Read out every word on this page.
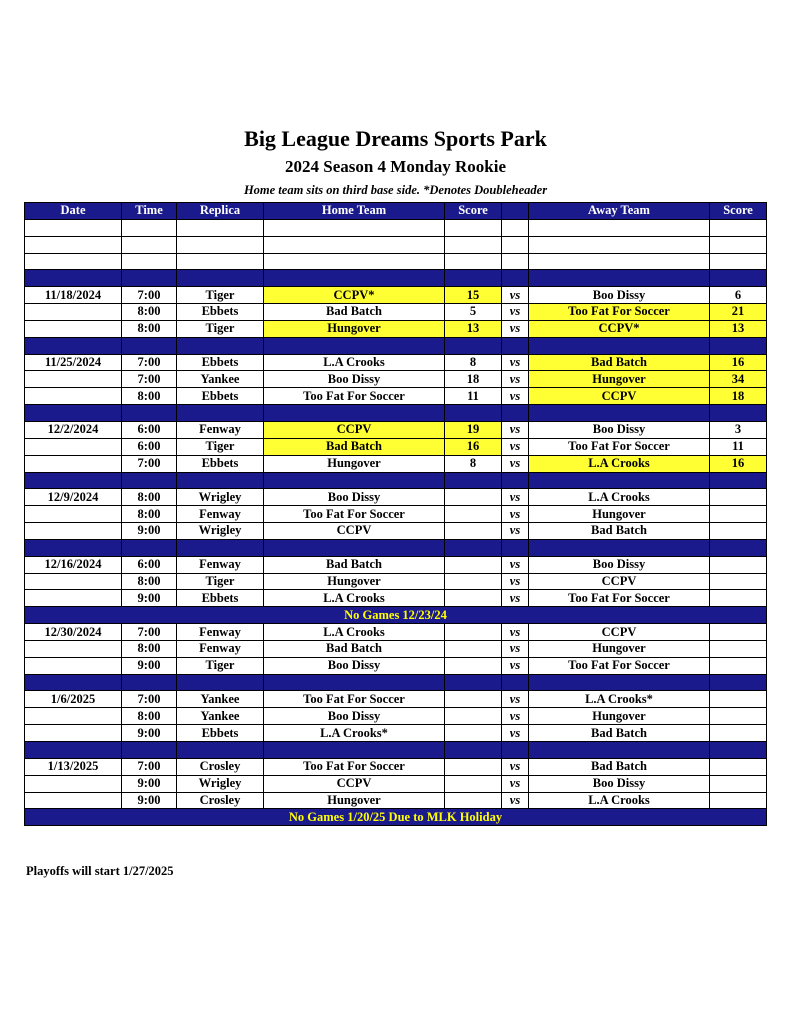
Big League Dreams Sports Park
2024 Season 4 Monday Rookie

Home team sits on third base side. *Denotes Doubleheader

Date	Time	Replica	Home Team	Score		Away Team	Score

11/18/2024	7:00	Tiger	CCPV*	15	vs	Boo Dissy	6
	8:00	Ebbets	Bad Batch	5	vs	Too Fat For Soccer	21
	8:00	Tiger	Hungover	13	vs	CCPV*	13

11/25/2024	7:00	Ebbets	L.A Crooks	8	vs	Bad Batch	16
	7:00	Yankee	Boo Dissy	18	vs	Hungover	34
	8:00	Ebbets	Too Fat For Soccer	11	vs	CCPV	18

12/2/2024	6:00	Fenway	CCPV	19	vs	Boo Dissy	3
	6:00	Tiger	Bad Batch	16	vs	Too Fat For Soccer	11
	7:00	Ebbets	Hungover	8	vs	L.A Crooks	16

12/9/2024	8:00	Wrigley	Boo Dissy		vs	L.A Crooks	
	8:00	Fenway	Too Fat For Soccer		vs	Hungover	
	9:00	Wrigley	CCPV		vs	Bad Batch	

12/16/2024	6:00	Fenway	Bad Batch		vs	Boo Dissy	
	8:00	Tiger	Hungover		vs	CCPV	
	9:00	Ebbets	L.A Crooks		vs	Too Fat For Soccer	
No Games 12/23/24							
12/30/2024	7:00	Fenway	L.A Crooks		vs	CCPV	
	8:00	Fenway	Bad Batch		vs	Hungover	
	9:00	Tiger	Boo Dissy		vs	Too Fat For Soccer	

1/6/2025	7:00	Yankee	Too Fat For Soccer		vs	L.A Crooks*	
	8:00	Yankee	Boo Dissy		vs	Hungover	
	9:00	Ebbets	L.A Crooks*		vs	Bad Batch	

1/13/2025	7:00	Crosley	Too Fat For Soccer		vs	Bad Batch	
	9:00	Wrigley	CCPV		vs	Boo Dissy	
	9:00	Crosley	Hungover		vs	L.A Crooks	
No Games 1/20/25 Due to MLK Holiday							

Playoffs will start 1/27/2025
